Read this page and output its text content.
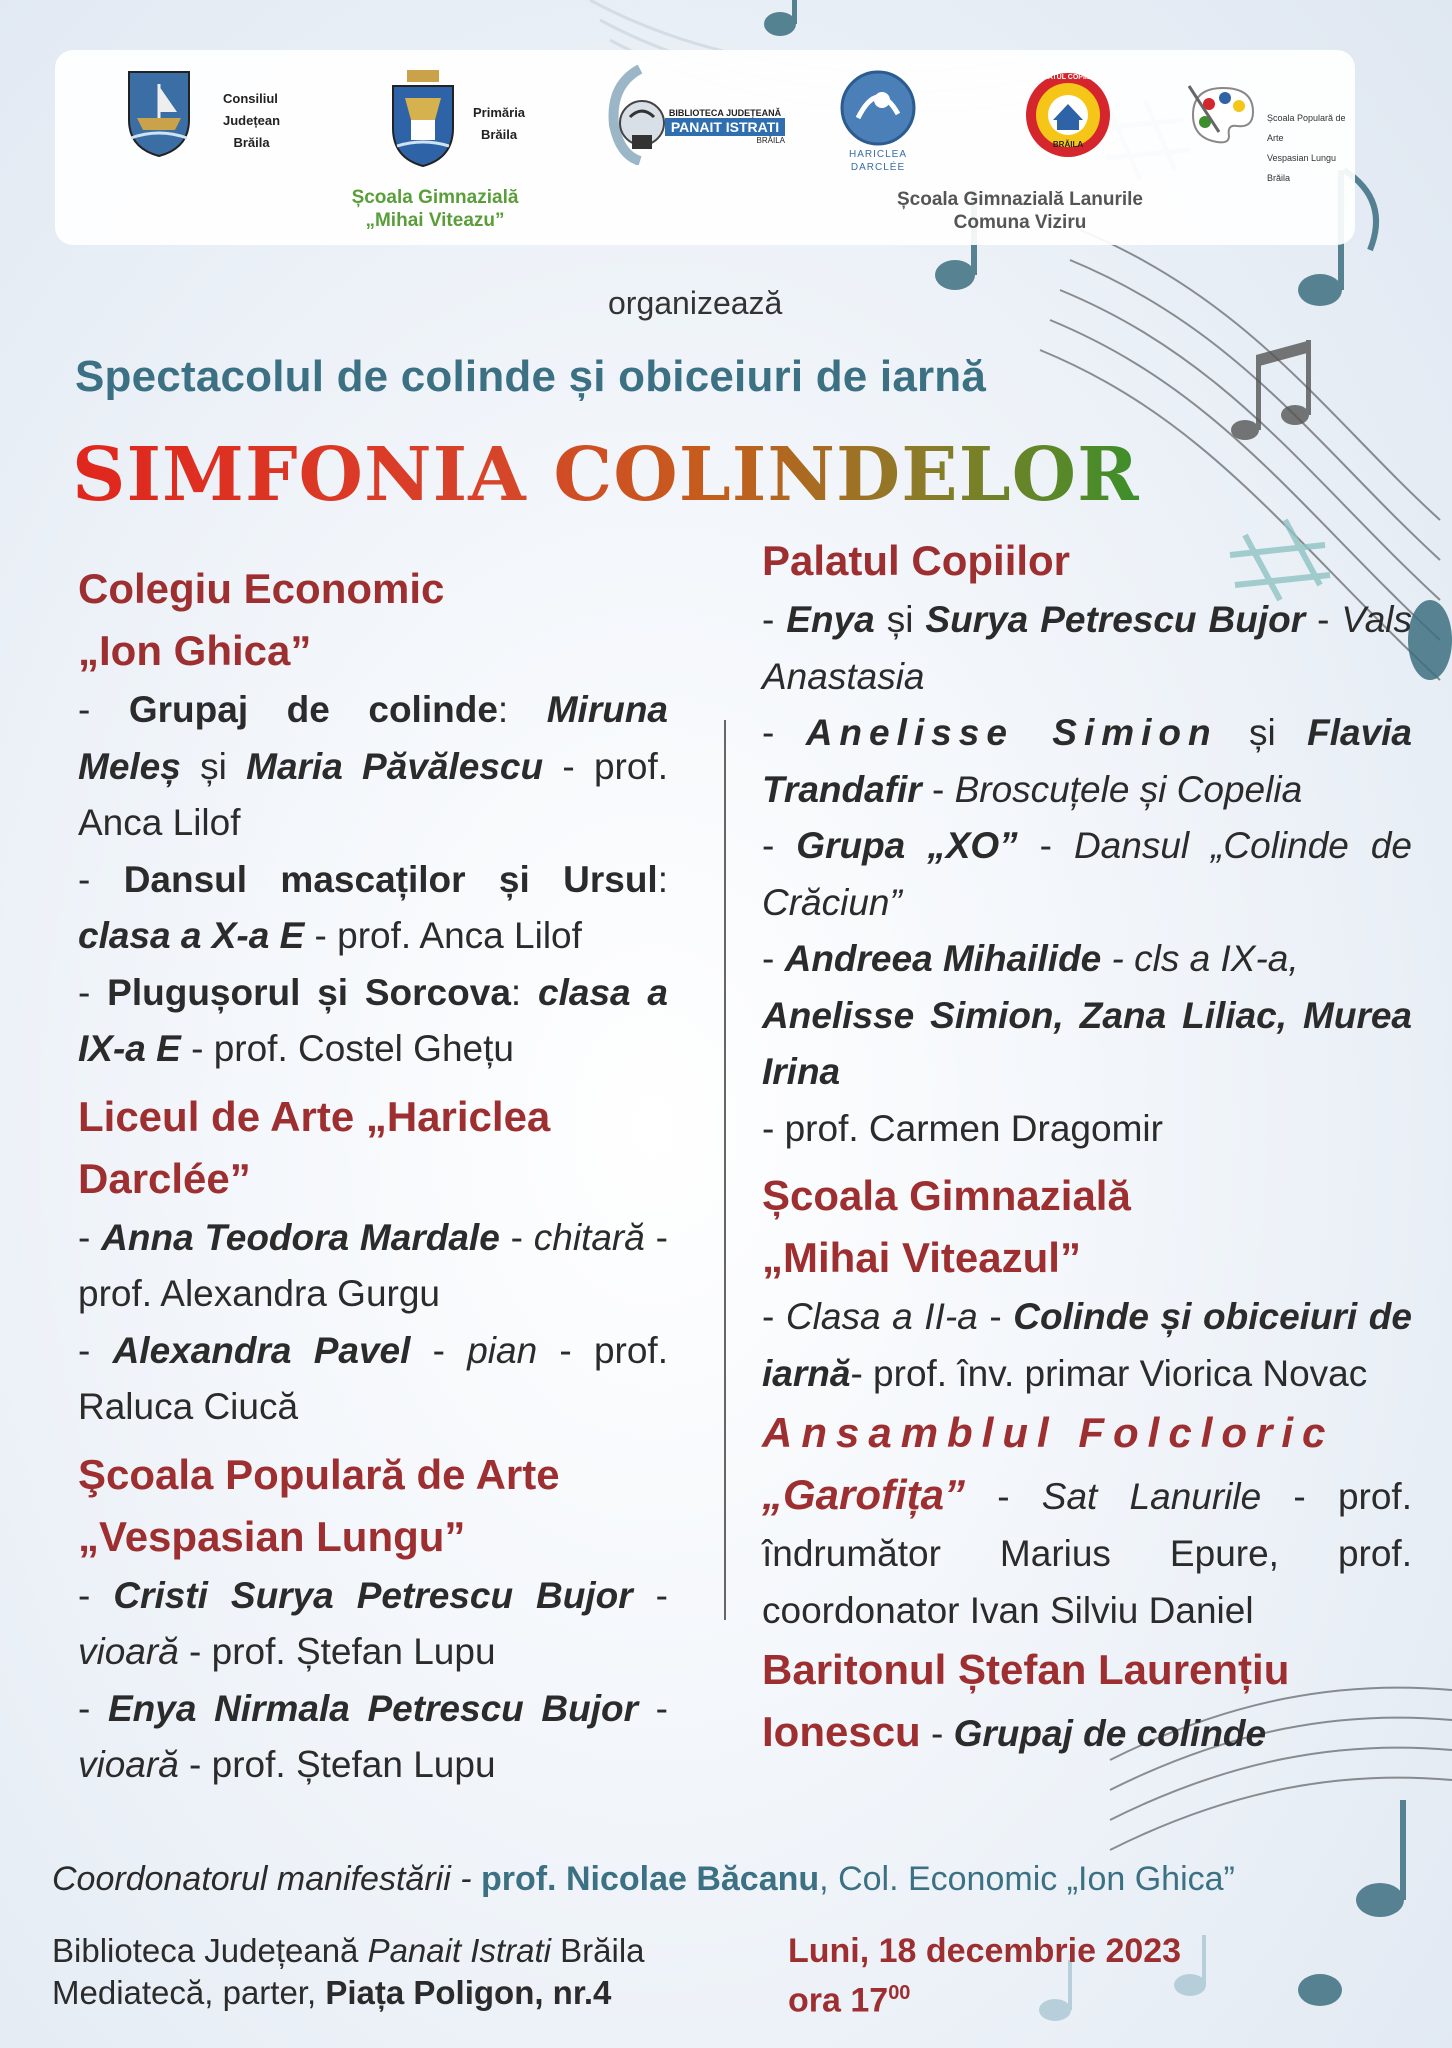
Consiliul
Județean
Brăila
Primăria
Brăila
BIBLIOTECA JUDEȚEANĂ
PANAIT ISTRATI
BRĂILA
HARICLEA
DARCLÉE
PALATUL COPIILOR
BRĂILA
Școala Populară de Arte
Vespasian Lungu Brăila
Școala Gimnazială
„Mihai Viteazu”
Școala Gimnazială Lanurile
Comuna Viziru
organizează
Spectacolul de colinde și obiceiuri de iarnă
SIMFONIA COLINDELOR
Colegiu Economic
„Ion Ghica”
- Grupaj de colinde: Miruna Meleș și Maria Păvălescu - prof. Anca Lilof
- Dansul mascaților și Ursul: clasa a X-a E - prof. Anca Lilof
- Plugușorul și Sorcova: clasa a IX-a E - prof. Costel Ghețu
Liceul de Arte „Hariclea
Darclée”
- Anna Teodora Mardale - chitară - prof. Alexandra Gurgu
- Alexandra Pavel - pian - prof. Raluca Ciucă
Şcoala Populară de Arte
„Vespasian Lungu”
- Cristi Surya Petrescu Bujor - vioară - prof. Ștefan Lupu
- Enya Nirmala Petrescu Bujor - vioară - prof. Ștefan Lupu
Palatul Copiilor
- Enya și Surya Petrescu Bujor - Vals Anastasia
- Anelisse Simion și Flavia Trandafir - Broscuțele și Copelia
- Grupa „XO” - Dansul „Colinde de Crăciun”
- Andreea Mihailide - cls a IX-a,
Anelisse Simion, Zana Liliac, Murea Irina
- prof. Carmen Dragomir
Școala Gimnazială
„Mihai Viteazul”
- Clasa a II-a - Colinde și obiceiuri de iarnă- prof. înv. primar Viorica Novac
Ansamblul Folcloric
„Garofița” - Sat Lanurile - prof. îndrumător Marius Epure, prof. coordonator Ivan Silviu Daniel
Baritonul Ștefan Laurențiu
Ionescu - Grupaj de colinde
Coordonatorul manifestării - prof. Nicolae Băcanu, Col. Economic „Ion Ghica”
Biblioteca Județeană Panait Istrati Brăila
Mediatecă, parter, Piața Poligon, nr.4
Luni, 18 decembrie 2023
ora $17^{00}$
